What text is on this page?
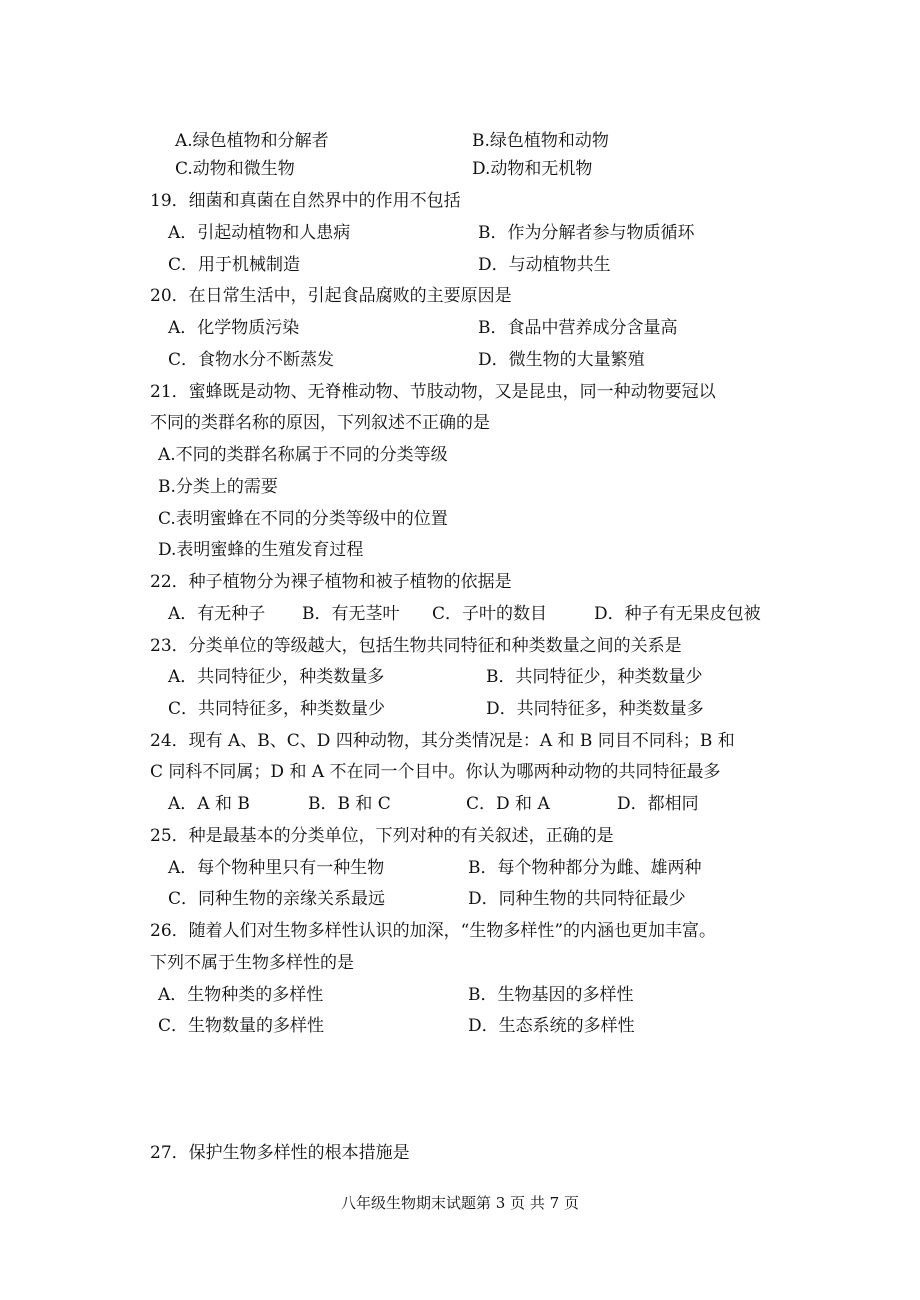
A.绿色植物和分解者	B.绿色植物和动物
C.动物和微生物	D.动物和无机物
19．细菌和真菌在自然界中的作用不包括
A．引起动植物和人患病	B．作为分解者参与物质循环
C．用于机械制造	D．与动植物共生
20．在日常生活中，引起食品腐败的主要原因是
A．化学物质污染	B．食品中营养成分含量高
C．食物水分不断蒸发	D．微生物的大量繁殖
21．蜜蜂既是动物、无脊椎动物、节肢动物，又是昆虫，同一种动物要冠以
不同的类群名称的原因，下列叙述不正确的是
A.不同的类群名称属于不同的分类等级
B.分类上的需要
C.表明蜜蜂在不同的分类等级中的位置
D.表明蜜蜂的生殖发育过程
22．种子植物分为裸子植物和被子植物的依据是
A．有无种子 B．有无茎叶 C．子叶的数目	D．种子有无果皮包被
23．分类单位的等级越大，包括生物共同特征和种类数量之间的关系是
A．共同特征少，种类数量多	B．共同特征少，种类数量少
C．共同特征多，种类数量少	D．共同特征多，种类数量多
24．现有 A、B、C、D 四种动物，其分类情况是：A 和 B 同目不同科；B 和
C 同科不同属；D 和 A 不在同一个目中。你认为哪两种动物的共同特征最多
A．A 和 B	B．B 和 C	C．D 和 A	D．都相同
25．种是最基本的分类单位，下列对种的有关叙述，正确的是
A．每个物种里只有一种生物	B．每个物种都分为雌、雄两种
C．同种生物的亲缘关系最远	D．同种生物的共同特征最少
26．随着人们对生物多样性认识的加深，“生物多样性”的内涵也更加丰富。
下列不属于生物多样性的是
A．生物种类的多样性	B．生物基因的多样性
C．生物数量的多样性	D．生态系统的多样性
27．保护生物多样性的根本措施是
八年级生物期末试题第 3 页 共 7 页
